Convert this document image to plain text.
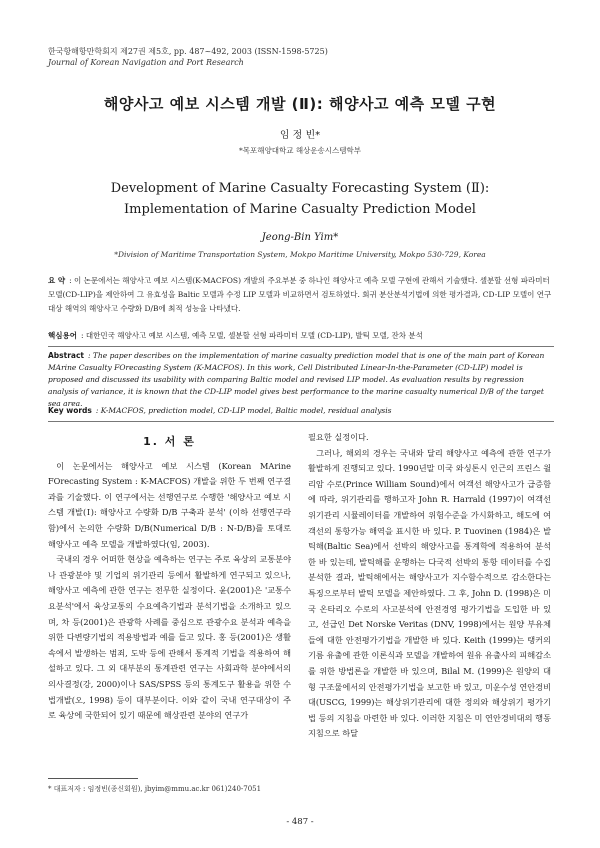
한국항해항만학회지 제27권 제5호, pp. 487~492, 2003 (ISSN-1598-5725)
Journal of Korean Navigation and Port Research
해양사고 예보 시스템 개발 (Ⅱ): 해양사고 예측 모델 구현
임 정 빈*
*목포해양대학교 해상운송시스템학부
Development of Marine Casualty Forecasting System (Ⅱ):
Implementation of Marine Casualty Prediction Model
Jeong-Bin Yim*
*Division of Maritime Transportation System, Mokpo Maritime University, Mokpo 530-729, Korea
요 약 : 이 논문에서는 해양사고 예보 시스템(K-MACFOS) 개발의 주요부분 중 하나인 해양사고 예측 모델 구현에 관해서 기술했다. 셀분할 선형 파라미터 모델(CD-LIP)을 제안하여 그 유효성을 Baltic 모델과 수정 LIP 모델과 비교하면서 검토하였다. 회귀 분산분석기법에 의한 평가결과, CD-LIP 모델이 연구대상 해역의 해양사고 수량화 D/B에 최적 성능을 나타냈다.
핵심용어 : 대한민국 해양사고 예보 시스템, 예측 모델, 셀분할 선형 파라미터 모델 (CD-LIP), 발틱 모델, 잔차 분석
Abstract : The paper describes on the implementation of marine casualty prediction model that is one of the main part of Korean MArine Casualty FOrecasting System (K-MACFOS). In this work, Cell Distributed Linear-In-the-Parameter (CD-LIP) model is proposed and discussed its usability with comparing Baltic model and revised LIP model. As evaluation results by regression analysis of variance, it is known that the CD-LIP model gives best performance to the marine casualty numerical D/B of the target sea area.
Key words : K-MACFOS, prediction model, CD-LIP model, Baltic model, residual analysis
1. 서 론

이 논문에서는 해양사고 예보 시스템 (Korean MArine FOrecasting System : K-MACFOS) 개발을 위한 두 번째 연구결과를 기술했다. 이 연구에서는 선행연구로 수행한 '해양사고 예보 시스템 개발(Ⅰ): 해양사고 수량화 D/B 구축과 분석' (이하 선행연구라 함)에서 논의한 수량화 D/B(Numerical D/B : N-D/B)를 토대로 해양사고 예측 모델을 개발하였다(임, 2003).

국내의 경우 어떠한 현상을 예측하는 연구는 주로 육상의 교통분야나 관광분야 및 기업의 위기관리 등에서 활발하게 연구되고 있으나, 해양사고 예측에 관한 연구는 전무한 실정이다. 윤(2001)은 '교통수요분석'에서 육상교통의 수요예측기법과 분석기법을 소개하고 있으며, 차 등(2001)은 관광학 사례를 중심으로 관광수요 분석과 예측을 위한 다변량기법의 적용방법과 예를 들고 있다. 홍 등(2001)은 생활속에서 발생하는 범죄, 도박 등에 관해서 통계적 기법을 적용하여 해설하고 있다. 그 외 대부분의 통계관련 연구는 사회과학 분야에서의 의사결정(강, 2000)이나 SAS/SPSS 등의 통계도구 활용을 위한 수법개발(오, 1998) 등이 대부분이다. 이와 같이 국내 연구대상이 주로 육상에 국한되어 있기 때문에 해상관련 분야의 연구가

필요한 실정이다.

그러나, 해외의 경우는 국내와 달리 해양사고 예측에 관한 연구가 활발하게 진행되고 있다. 1990년말 미국 와싱톤시 인근의 프린스 윌리암 수로(Prince William Sound)에서 여객선 해양사고가 급증함에 따라, 위기관리를 행하고자 John R. Harrald (1997)이 여객선 위기관리 시뮬레이터를 개발하여 위험수준을 가시화하고, 해도에 여객선의 통항가능 해역을 표시한 바 있다. P. Tuovinen (1984)은 발틱해(Baltic Sea)에서 선박의 해양사고를 통계학에 적용하여 분석한 바 있는데, 발틱해를 운행하는 다국적 선박의 통항 데이터를 수집 분석한 결과, 발틱해에서는 해양사고가 지수함수적으로 감소한다는 특징으로부터 발틱 모델을 제안하였다. 그 후, John D. (1998)은 미국 온타리오 수로의 사고분석에 안전경영 평가기법을 도입한 바 있고, 선급인 Det Norske Veritas (DNV, 1998)에서는 원양 부유체들에 대한 안전평가기법을 개발한 바 있다. Keith (1999)는 탱커의 기름 유출에 관한 이론식과 모델을 개발하여 원유 유출사의 피해감소를 위한 방법론을 개발한 바 있으며, Bilal M. (1999)은 원양의 대형 구조물에서의 안전평가기법을 보고한 바 있고, 미운수성 연안경비대(USCG, 1999)는 해상위기관리에 대한 정의와 해상위기 평가기법 등의 지침을 마련한 바 있다. 이러한 지침은 미 연안경비대의 행동지침으로 하달

* 대표저자 : 임정빈(종신회원), jbyim@mmu.ac.kr 061)240-7051
- 487 -
